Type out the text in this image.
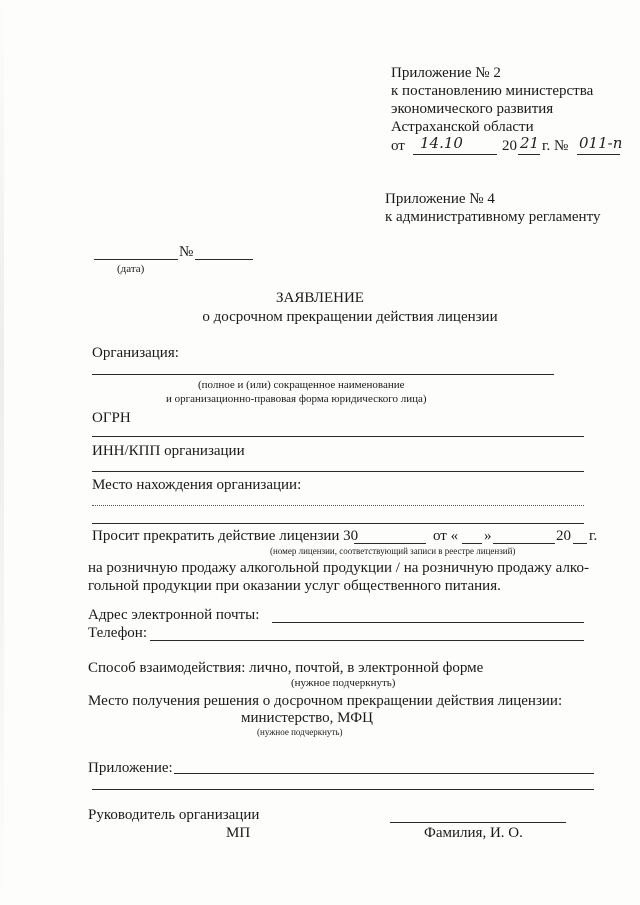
Приложение № 2
к постановлению министерства
экономического развития
Астраханской области
от 14.10	20 21 г. № 011-п
Приложение № 4
к административному регламенту
№
(дата)
ЗАЯВЛЕНИЕ
о досрочном прекращении действия лицензии
Организация:
(полное и (или) сокращенное наименование
и организационно-правовая форма юридического лица)
ОГРН
ИНН/КПП организации
Место нахождения организации:
Просит прекратить действие лицензии 30	от « »	20 г.
(номер лицензии, соответствующий записи в реестре лицензий)
на розничную продажу алкогольной продукции / на розничную продажу алко-
гольной продукции при оказании услуг общественного питания.
Адрес электронной почты:
Телефон:
Способ взаимодействия: лично, почтой, в электронной форме
(нужное подчеркнуть)
Место получения решения о досрочном прекращении действия лицензии:
министерство, МФЦ
(нужное подчеркнуть)
Приложение:
Руководитель организации
МП	Фамилия, И. О.
